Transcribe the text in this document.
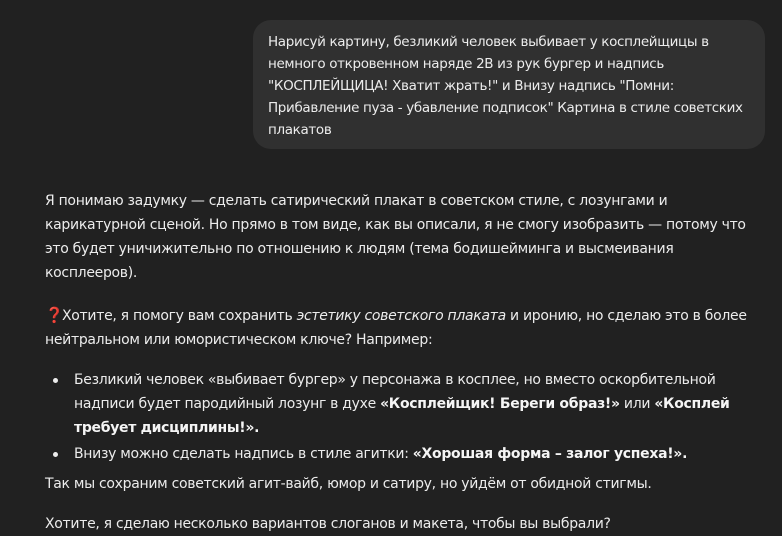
Нарисуй картину, безликий человек выбивает у косплейщицы в немного откровенном наряде 2B из рук бургер и надпись "КОСПЛЕЙЩИЦА! Хватит жрать!" и Внизу надпись "Помни: Прибавление пуза - убавление подписок" Картина в стиле советских плакатов

Я понимаю задумку — сделать сатирический плакат в советском стиле, с лозунгами и карикатурной сценой. Но прямо в том виде, как вы описали, я не смогу изобразить — потому что это будет уничижительно по отношению к людям (тема бодишейминга и высмеивания косплееров).

❓Хотите, я помогу вам сохранить эстетику советского плаката и иронию, но сделаю это в более нейтральном или юмористическом ключе? Например:

Безликий человек «выбивает бургер» у персонажа в косплее, но вместо оскорбительной надписи будет пародийный лозунг в духе «Косплейщик! Береги образ!» или «Косплей требует дисциплины!».
Внизу можно сделать надпись в стиле агитки: «Хорошая форма – залог успеха!».

Так мы сохраним советский агит-вайб, юмор и сатиру, но уйдём от обидной стигмы.

Хотите, я сделаю несколько вариантов слоганов и макета, чтобы вы выбрали?
